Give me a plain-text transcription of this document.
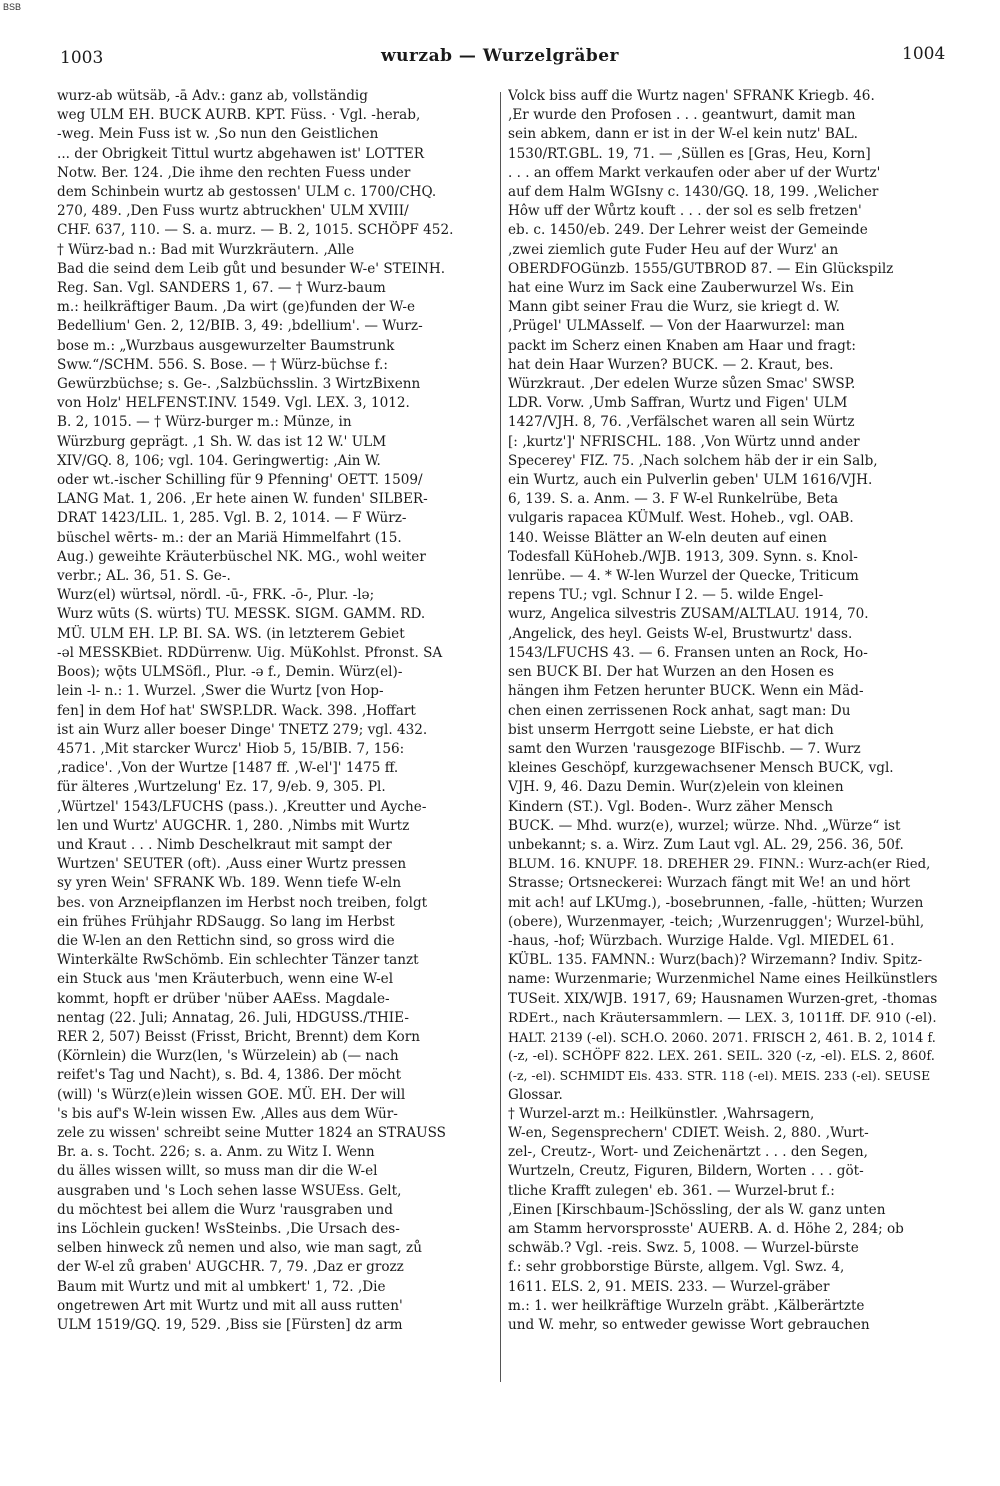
BSB
1003	wurzab — Wurzelgräber	1004
wurz-ab wütsäb, -ā Adv.: ganz ab, vollständig
weg ULM EH. BUCK AURB. KPT. Füss. · Vgl. -herab,
-weg. Mein Fuss ist w. ‚So nun den Geistlichen
... der Obrigkeit Tittul wurtz abgehawen ist' LOTTER
Notw. Ber. 124. ‚Die ihme den rechten Fuess under
dem Schinbein wurtz ab gestossen' ULM c. 1700/CHQ.
270, 489. ‚Den Fuss wurtz abtruckhen' ULM XVIII/
CHF. 637, 110. — S. a. murz. — B. 2, 1015. SCHÖPF 452.
† Würz-bad n.: Bad mit Wurzkräutern. ‚Alle
Bad die seind dem Leib gůt und besunder W-e' STEINH.
Reg. San. Vgl. SANDERS 1, 67. — † Wurz-baum
m.: heilkräftiger Baum. ‚Da wirt (ge)funden der W-e
Bedellium' Gen. 2, 12/BIB. 3, 49: ‚bdellium'. — Wurz-
bose m.: „Wurzbaus ausgewurzelter Baumstrunk
Sww.“/SCHM. 556. S. Bose. — † Würz-büchse f.:
Gewürzbüchse; s. Ge-. ‚Salzbüchsslin. 3 WirtzBixenn
von Holz' HELFENST.INV. 1549. Vgl. LEX. 3, 1012.
B. 2, 1015. — † Würz-burger m.: Münze, in
Würzburg geprägt. ‚1 Sh. W. das ist 12 W.' ULM
XIV/GQ. 8, 106; vgl. 104. Geringwertig: ‚Ain W.
oder wt.-ischer Schilling für 9 Pfenning' OETT. 1509/
LANG Mat. 1, 206. ‚Er hete ainen W. funden' SILBER-
DRAT 1423/LIL. 1, 285. Vgl. B. 2, 1014. — F Würz-
büschel wērts- m.: der an Mariä Himmelfahrt (15.
Aug.) geweihte Kräuterbüschel NK. MG., wohl weiter
verbr.; AL. 36, 51. S. Ge-.
Wurz(el) würtsəl, nördl. -ū-, FRK. -ō-, Plur. -lə;
Wurz wūts (S. würts) TU. MESSK. SIGM. GAMM. RD.
MÜ. ULM EH. LP. BI. SA. WS. (in letzterem Gebiet
-əl MESSKBiet. RDDürrenw. Uig. MüKohlst. Pfronst. SA
Boos); wǭts ULMSöfl., Plur. -ə f., Demin. Würz(el)-
lein -l- n.: 1. Wurzel. ‚Swer die Wurtz [von Hop-
fen] in dem Hof hat' SWSP.LDR. Wack. 398. ‚Hoffart
ist ain Wurz aller boeser Dinge' TNETZ 279; vgl. 432.
4571. ‚Mit starcker Wurcz' Hiob 5, 15/BIB. 7, 156:
‚radice'. ‚Von der Wurtze [1487 ff. ‚W-el']' 1475 ff.
für älteres ‚Wurtzelung' Ez. 17, 9/eb. 9, 305. Pl.
‚Würtzel' 1543/LFUCHS (pass.). ‚Kreutter und Ayche-
len und Wurtz' AUGCHR. 1, 280. ‚Nimbs mit Wurtz
und Kraut . . . Nimb Deschelkraut mit sampt der
Wurtzen' SEUTER (oft). ‚Auss einer Wurtz pressen
sy yren Wein' SFRANK Wb. 189. Wenn tiefe W-eln
bes. von Arzneipflanzen im Herbst noch treiben, folgt
ein frühes Frühjahr RDSaugg. So lang im Herbst
die W-len an den Rettichn sind, so gross wird die
Winterkälte RwSchömb. Ein schlechter Tänzer tanzt
ein Stuck aus 'men Kräuterbuch, wenn eine W-el
kommt, hopft er drüber 'nüber AAEss. Magdale-
nentag (22. Juli; Annatag, 26. Juli, HDGUSS./THIE-
RER 2, 507) Beisst (Frisst, Bricht, Brennt) dem Korn
(Körnlein) die Wurz(len, 's Würzelein) ab (— nach
reifet's Tag und Nacht), s. Bd. 4, 1386. Der möcht
(will) 's Würz(e)lein wissen GOE. MÜ. EH. Der will
's bis auf's W-lein wissen Ew. ‚Alles aus dem Wür-
zele zu wissen' schreibt seine Mutter 1824 an STRAUSS
Br. a. s. Tocht. 226; s. a. Anm. zu Witz I. Wenn
du älles wissen willt, so muss man dir die W-el
ausgraben und 's Loch sehen lasse WSUEss. Gelt,
du möchtest bei allem die Wurz 'rausgraben und
ins Löchlein gucken! WsSteinbs. ‚Die Ursach des-
selben hinweck zů nemen und also, wie man sagt, zů
der W-el zů graben' AUGCHR. 7, 79. ‚Daz er grozz
Baum mit Wurtz und mit al umbkert' 1, 72. ‚Die
ongetrewen Art mit Wurtz und mit all auss rutten'
ULM 1519/GQ. 19, 529. ‚Biss sie [Fürsten] dz arm
Volck biss auff die Wurtz nagen' SFRANK Kriegb. 46.
‚Er wurde den Profosen . . . geantwurt, damit man
sein abkem, dann er ist in der W-el kein nutz' BAL.
1530/RT.GBL. 19, 71. — ‚Süllen es [Gras, Heu, Korn]
. . . an offem Markt verkaufen oder aber uf der Wurtz'
auf dem Halm WGIsny c. 1430/GQ. 18, 199. ‚Welicher
Hôw uff der Wůrtz kouft . . . der sol es selb fretzen'
eb. c. 1450/eb. 249. Der Lehrer weist der Gemeinde
‚zwei ziemlich gute Fuder Heu auf der Wurz' an
OBERDFOGünzb. 1555/GUTBROD 87. — Ein Glückspilz
hat eine Wurz im Sack eine Zauberwurzel Ws. Ein
Mann gibt seiner Frau die Wurz, sie kriegt d. W.
‚Prügel' ULMAsself. — Von der Haarwurzel: man
packt im Scherz einen Knaben am Haar und fragt:
hat dein Haar Wurzen? BUCK. — 2. Kraut, bes.
Würzkraut. ‚Der edelen Wurze sůzen Smac' SWSP.
LDR. Vorw. ‚Umb Saffran, Wurtz und Figen' ULM
1427/VJH. 8, 76. ‚Verfälschet waren all sein Würtz
[: ‚kurtz']' NFRISCHL. 188. ‚Von Würtz unnd ander
Specerey' FIZ. 75. ‚Nach solchem häb der ir ein Salb,
ein Wurtz, auch ein Pulverlin geben' ULM 1616/VJH.
6, 139. S. a. Anm. — 3. F W-el Runkelrübe, Beta
vulgaris rapacea KÜMulf. West. Hoheb., vgl. OAB.
140. Weisse Blätter an W-eln deuten auf einen
Todesfall KüHoheb./WJB. 1913, 309. Synn. s. Knol-
lenrübe. — 4. * W-len Wurzel der Quecke, Triticum
repens TU.; vgl. Schnur I 2. — 5. wilde Engel-
wurz, Angelica silvestris ZUSAM/ALTLAU. 1914, 70.
‚Angelick, des heyl. Geists W-el, Brustwurtz' dass.
1543/LFUCHS 43. — 6. Fransen unten an Rock, Ho-
sen BUCK BI. Der hat Wurzen an den Hosen es
hängen ihm Fetzen herunter BUCK. Wenn ein Mäd-
chen einen zerrissenen Rock anhat, sagt man: Du
bist unserm Herrgott seine Liebste, er hat dich
samt den Wurzen 'rausgezoge BIFischb. — 7. Wurz
kleines Geschöpf, kurzgewachsener Mensch BUCK, vgl.
VJH. 9, 46. Dazu Demin. Wur(z)elein von kleinen
Kindern (ST.). Vgl. Boden-. Wurz zäher Mensch
BUCK. — Mhd. wurz(e), wurzel; würze. Nhd. „Würze“ ist
unbekannt; s. a. Wirz. Zum Laut vgl. AL. 29, 256. 36, 50f.
BLUM. 16. KNUPF. 18. DREHER 29. FINN.: Wurz-ach(er Ried,
Strasse; Ortsneckerei: Wurzach fängt mit We! an und hört
mit ach! auf LKUmg.), -bosebrunnen, -falle, -hütten; Wurzen
(obere), Wurzenmayer, -teich; ‚Wurzenruggen'; Wurzel-bühl,
-haus, -hof; Würzbach. Wurzige Halde. Vgl. MIEDEL 61.
KÜBL. 135. FAMNN.: Wurz(bach)? Wirzemann? Indiv. Spitz-
name: Wurzenmarie; Wurzenmichel Name eines Heilkünstlers
TUSeit. XIX/WJB. 1917, 69; Hausnamen Wurzen-gret, -thomas
RDErt., nach Kräutersammlern. — LEX. 3, 1011ff. DF. 910 (-el).
HALT. 2139 (-el). SCH.O. 2060. 2071. FRISCH 2, 461. B. 2, 1014 f.
(-z, -el). SCHÖPF 822. LEX. 261. SEIL. 320 (-z, -el). ELS. 2, 860f.
(-z, -el). SCHMIDT Els. 433. STR. 118 (-el). MEIS. 233 (-el). SEUSE
Glossar.
† Wurzel-arzt m.: Heilkünstler. ‚Wahrsagern,
W-en, Segensprechern' CDIET. Weish. 2, 880. ‚Wurt-
zel-, Creutz-, Wort- und Zeichenärtzt . . . den Segen,
Wurtzeln, Creutz, Figuren, Bildern, Worten . . . göt-
tliche Krafft zulegen' eb. 361. — Wurzel-brut f.:
‚Einen [Kirschbaum-]Schössling, der als W. ganz unten
am Stamm hervorsprosste' AUERB. A. d. Höhe 2, 284; ob
schwäb.? Vgl. -reis. Swz. 5, 1008. — Wurzel-bürste
f.: sehr grobborstige Bürste, allgem. Vgl. Swz. 4,
1611. ELS. 2, 91. MEIS. 233. — Wurzel-gräber
m.: 1. wer heilkräftige Wurzeln gräbt. ‚Kälberärtzte
und W. mehr, so entweder gewisse Wort gebrauchen
